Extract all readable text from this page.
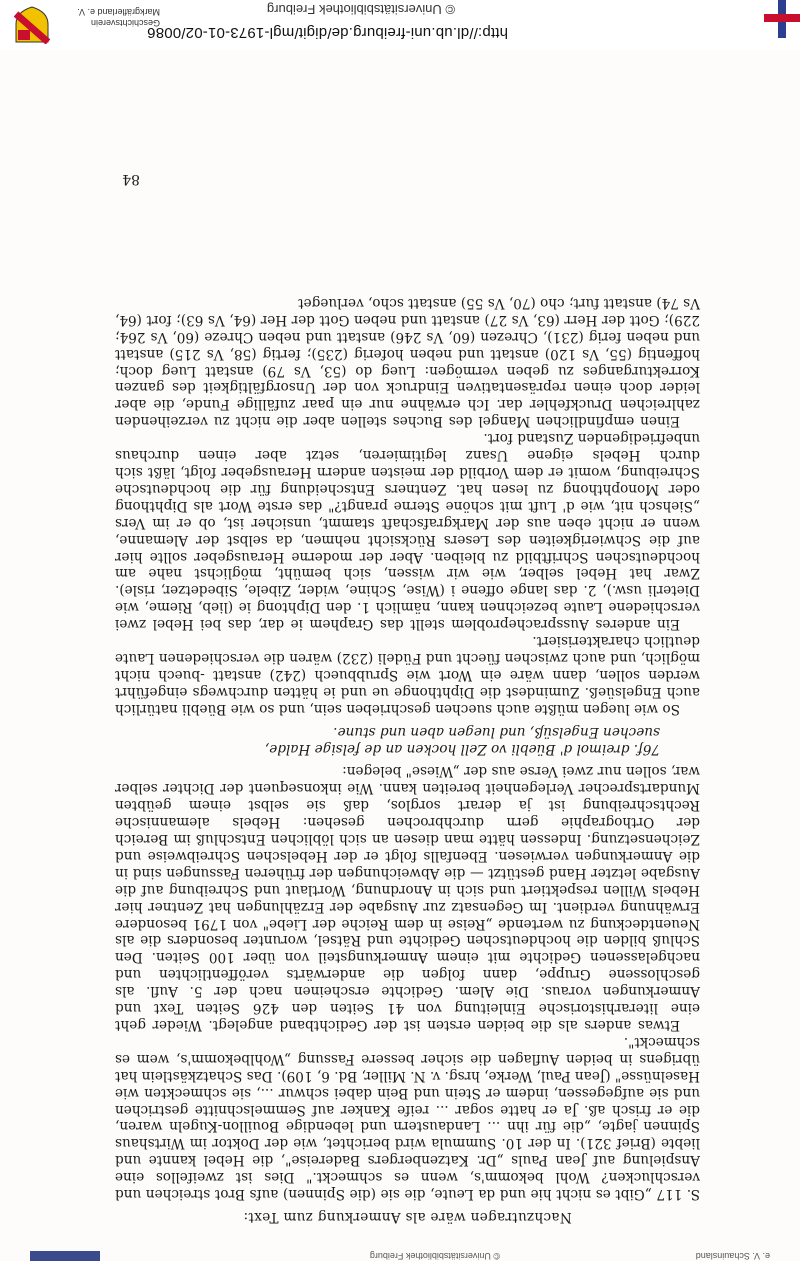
e. V. Schauinsland
© Universitätsbibliothek Freiburg

Nachzutragen wäre als Anmerkung zum Text:

S. 117 „Gibt es nicht hie und da Leute, die sie (die Spinnen) aufs Brot streichen und verschlucken? Wohl bekomm's, wenn es schmeckt." Dies ist zweifellos eine Anspielung auf Jean Pauls „Dr. Katzenbergers Badereise", die Hebel kannte und liebte (Brief 321). In der 10. Summula wird berichtet, wie der Doktor im Wirtshaus Spinnen jagte, „die für ihn ... Landaustern und lebendige Bouillon-Kugeln waren, die er frisch aß. Ja er hatte sogar ... reife Kanker auf Semmelschnitte gestrichen und sie aufgegessen, indem er Stein und Bein dabei schwur ..., sie schmeckten wie Haselnüsse" (Jean Paul, Werke, hrsg. v. N. Miller, Bd. 6, 109). Das Schatzkästlein hat übrigens in beiden Auflagen die sicher bessere Fassung „Wohlbekomm's, wem es schmeckt".

Etwas anders als die beiden ersten ist der Gedichtband angelegt. Wieder geht eine literarhistorische Einleitung von 41 Seiten den 426 Seiten Text und Anmerkungen voraus. Die Alem. Gedichte erscheinen nach der 5. Aufl. als geschlossene Gruppe, dann folgen die anderwärts veröffentlichten und nachgelassenen Gedichte mit einem Anmerkungsteil von über 100 Seiten. Den Schluß bilden die hochdeutschen Gedichte und Rätsel, worunter besonders die als Neuentdeckung zu wertende „Reise in dem Reiche der Liebe" von 1791 besondere Erwähnung verdient. Im Gegensatz zur Ausgabe der Erzählungen hat Zentner hier Hebels Willen respektiert und sich in Anordnung, Wortlaut und Schreibung auf die Ausgabe letzter Hand gestützt — die Abweichungen der früheren Fassungen sind in die Anmerkungen verwiesen. Ebenfalls folgt er der Hebelschen Schreibweise und Zeichensetzung. Indessen hätte man diesen an sich löblichen Entschluß im Bereich der Orthographie gern durchbrochen gesehen: Hebels alemannische Rechtschreibung ist ja derart sorglos, daß sie selbst einem geübten Mundartsprecher Verlegenheit bereiten kann. Wie inkonsequent der Dichter selber war, sollen nur zwei Verse aus der „Wiese" belegen:

76f. dreimol d' Büebli vo Zell hocken an de felsige Halde,
suechen Engelsüß, und luegen aben und stune.

So wie luegen müßte auch suechen geschrieben sein, und so wie Büebli natürlich auch Engelsüeß. Zumindest die Diphthonge ue und ie hätten durchwegs eingeführt werden sollen, dann wäre ein Wort wie Sprubbuech (242) anstatt -buech nicht möglich, und auch zwischen füecht und Füdeli (232) wären die verschiedenen Laute deutlich charakterisiert.

Ein anderes Ausspracheproblem stellt das Graphem ie dar, das bei Hebel zwei verschiedene Laute bezeichnen kann, nämlich 1. den Diphtong ie (lieb, Rieme, wie Dieterli usw.), 2. das lange offene i (Wise, Schine, wider, Zibele, Sibedetzer, risle). Zwar hat Hebel selber, wie wir wissen, sich bemüht, möglichst nahe am hochdeutschen Schriftbild zu bleiben. Aber der moderne Herausgeber sollte hier auf die Schwierigkeiten des Lesers Rücksicht nehmen, da selbst der Alemanne, wenn er nicht eben aus der Markgrafschaft stammt, unsicher ist, ob er im Vers „Siehsch nit, wie d' Luft mit schöne Sterne prangt?" das erste Wort als Diphthong oder Monophthong zu lesen hat. Zentners Entscheidung für die hochdeutsche Schreibung, womit er dem Vorbild der meisten andern Herausgeber folgt, läßt sich durch Hebels eigene Usanz legitimieren, setzt aber einen durchaus unbefriedigenden Zustand fort.

Einen empfindlichen Mangel des Buches stellen aber die nicht zu verzeihenden zahlreichen Druckfehler dar. Ich erwähne nur ein paar zufällige Funde, die aber leider doch einen repräsentativen Eindruck von der Unsorgfältigkeit des ganzen Korrekturganges zu geben vermögen: Lueg do (53, Vs 79) anstatt Lueg doch; hoffentig (55, Vs 120) anstatt und neben hoferig (235); fertig (58, Vs 215) anstatt und neben ferig (231), Chrezen (60, Vs 246) anstatt und neben Chreze (60, Vs 264; 229); Gott der Herr (63, Vs 27) anstatt und neben Gott der Her (64, Vs 63); fort (64, Vs 74) anstatt furt; cho (70, Vs 55) anstatt scho, verlueget

84
http://dl.ub.uni-freiburg.de/digit/mgl-1973-01-02/0086
© Universitätsbibliothek Freiburg
Geschichtsverein
Markgräflerland e. V.
